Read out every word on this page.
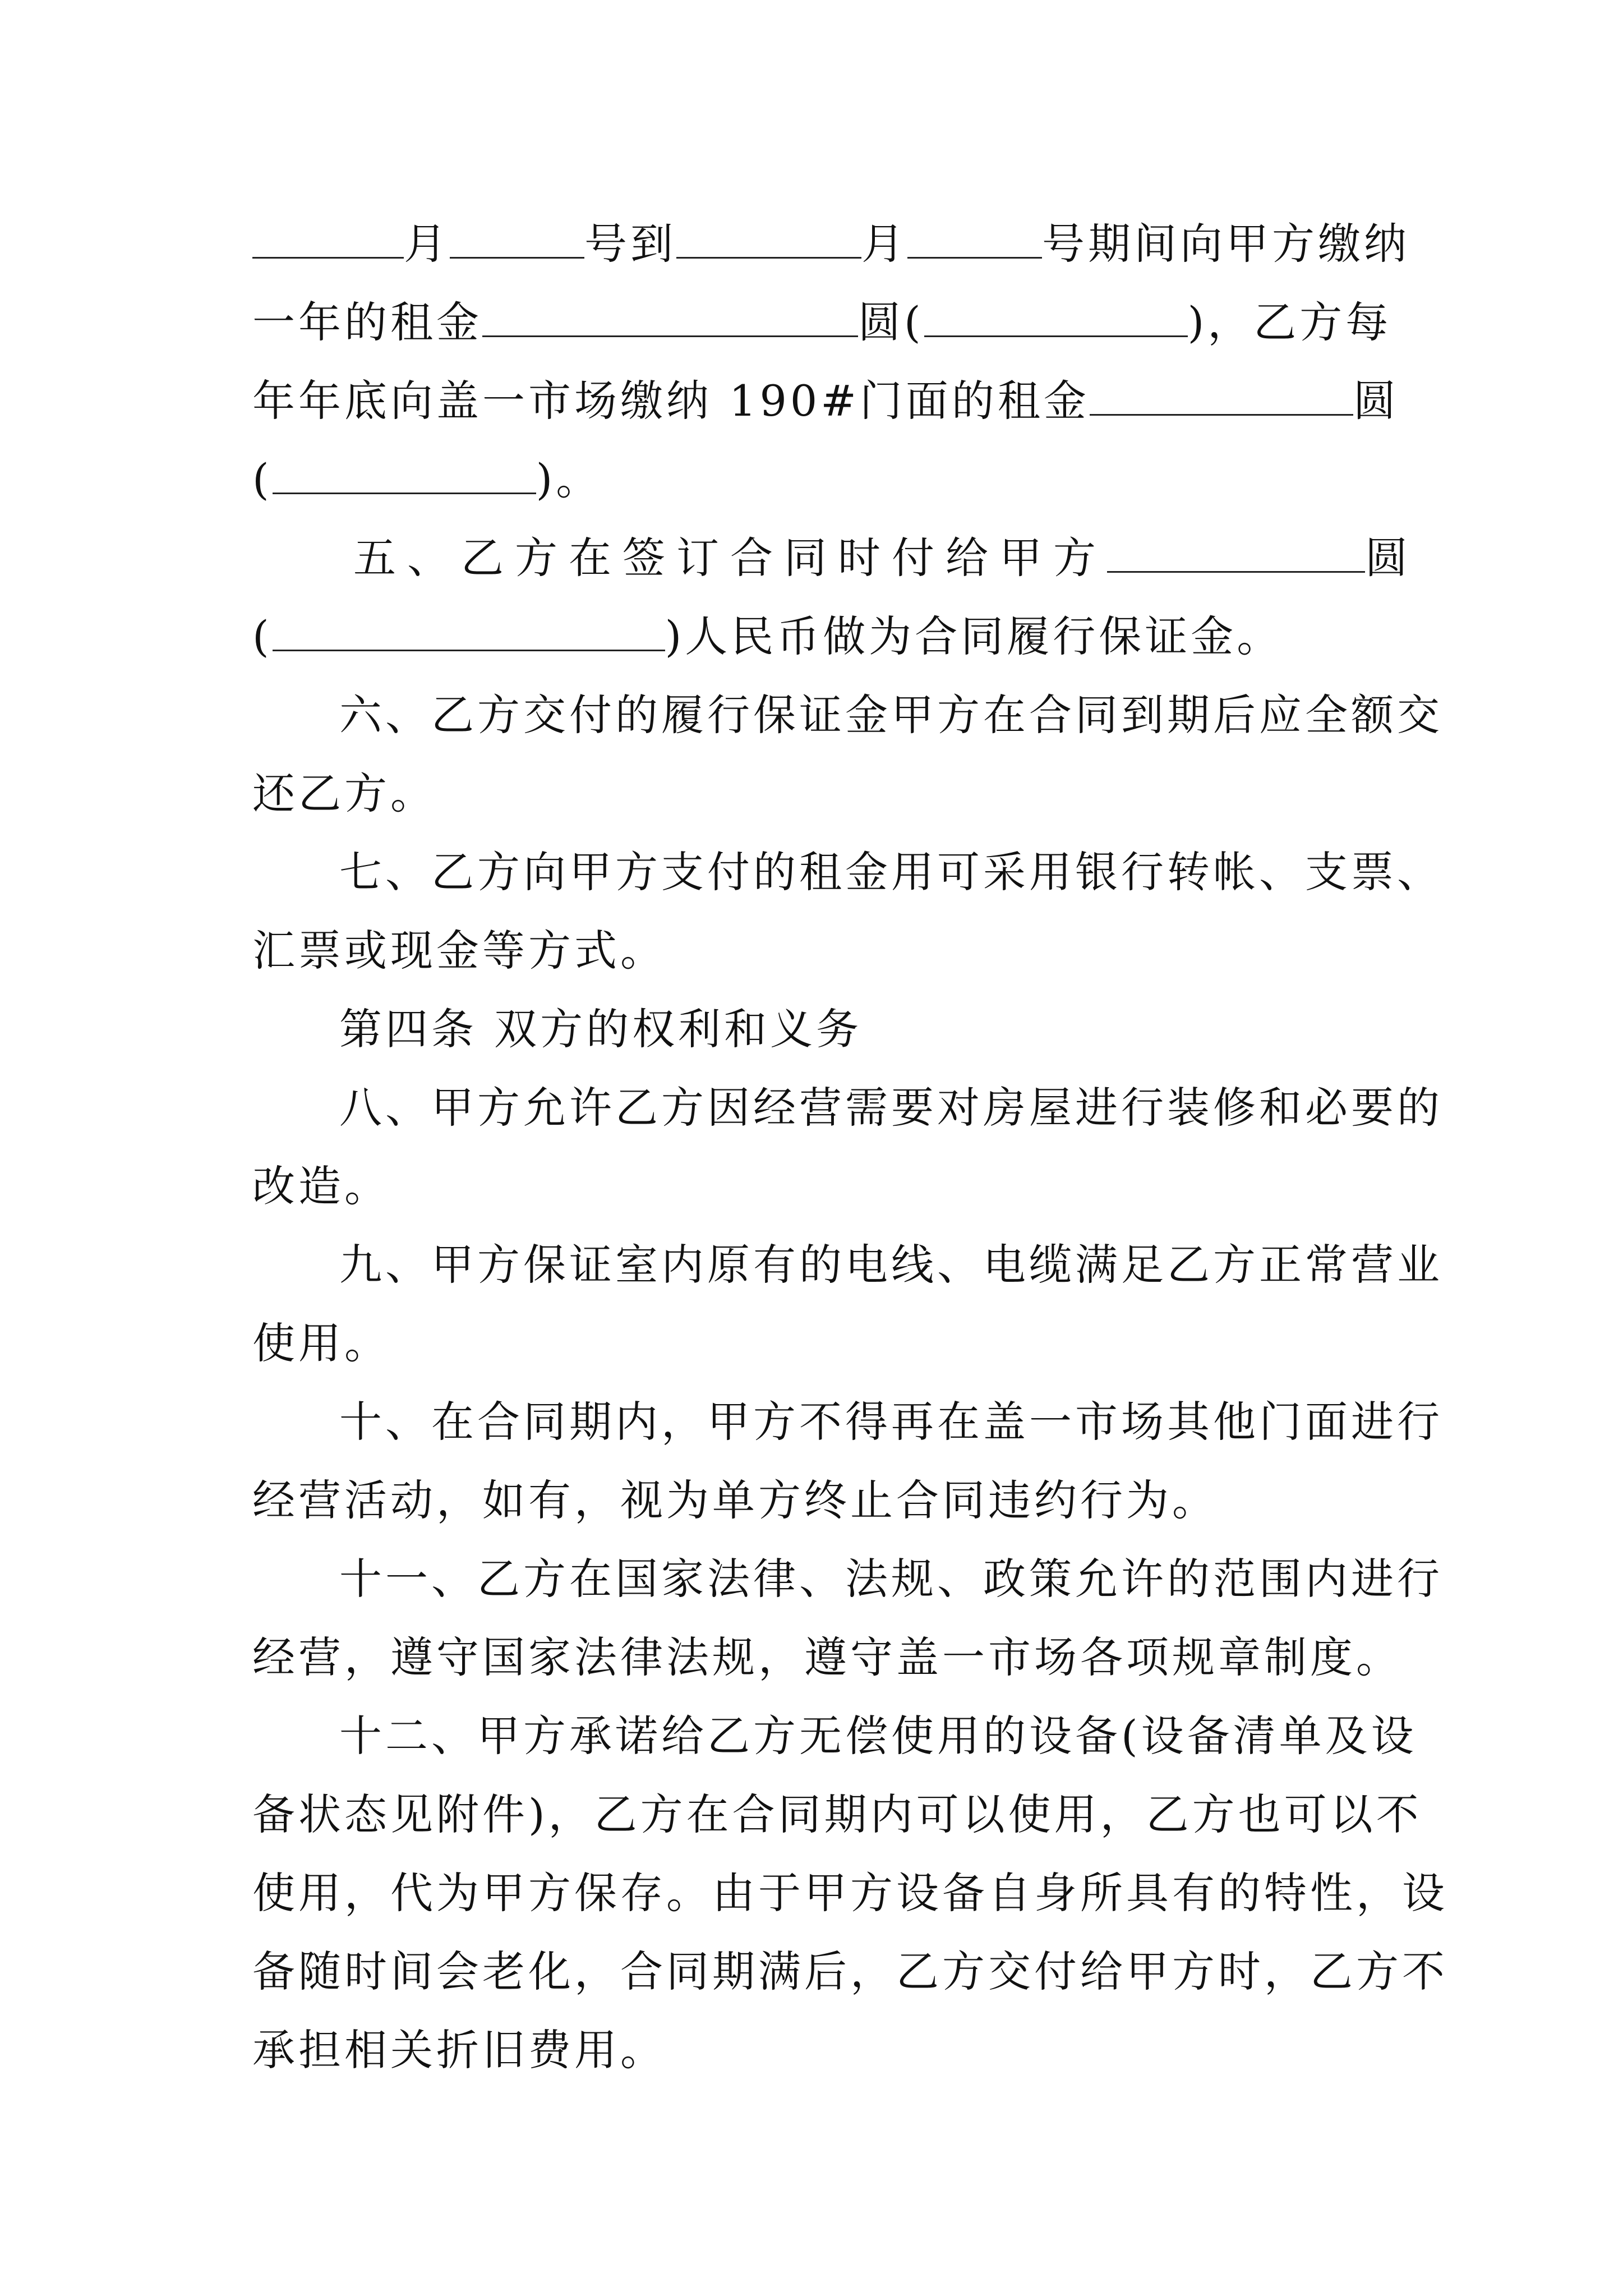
月	号到	月	号期间向甲方缴纳
一年的租金	圆(	)，乙方每
年年底向盖一市场缴纳 190#门面的租金	圆
(	)。
五、乙方在签订合同时付给甲方	圆
(	)人民币做为合同履行保证金。
六、乙方交付的履行保证金甲方在合同到期后应全额交
还乙方。
七、乙方向甲方支付的租金用可采用银行转帐、支票、
汇票或现金等方式。
第四条 双方的权利和义务
八、甲方允许乙方因经营需要对房屋进行装修和必要的
改造。
九、甲方保证室内原有的电线、电缆满足乙方正常营业
使用。
十、在合同期内，甲方不得再在盖一市场其他门面进行
经营活动，如有，视为单方终止合同违约行为。
十一、乙方在国家法律、法规、政策允许的范围内进行
经营，遵守国家法律法规，遵守盖一市场各项规章制度。
十二、甲方承诺给乙方无偿使用的设备(设备清单及设
备状态见附件)，乙方在合同期内可以使用，乙方也可以不
使用，代为甲方保存。由于甲方设备自身所具有的特性，设
备随时间会老化，合同期满后，乙方交付给甲方时，乙方不
承担相关折旧费用。
